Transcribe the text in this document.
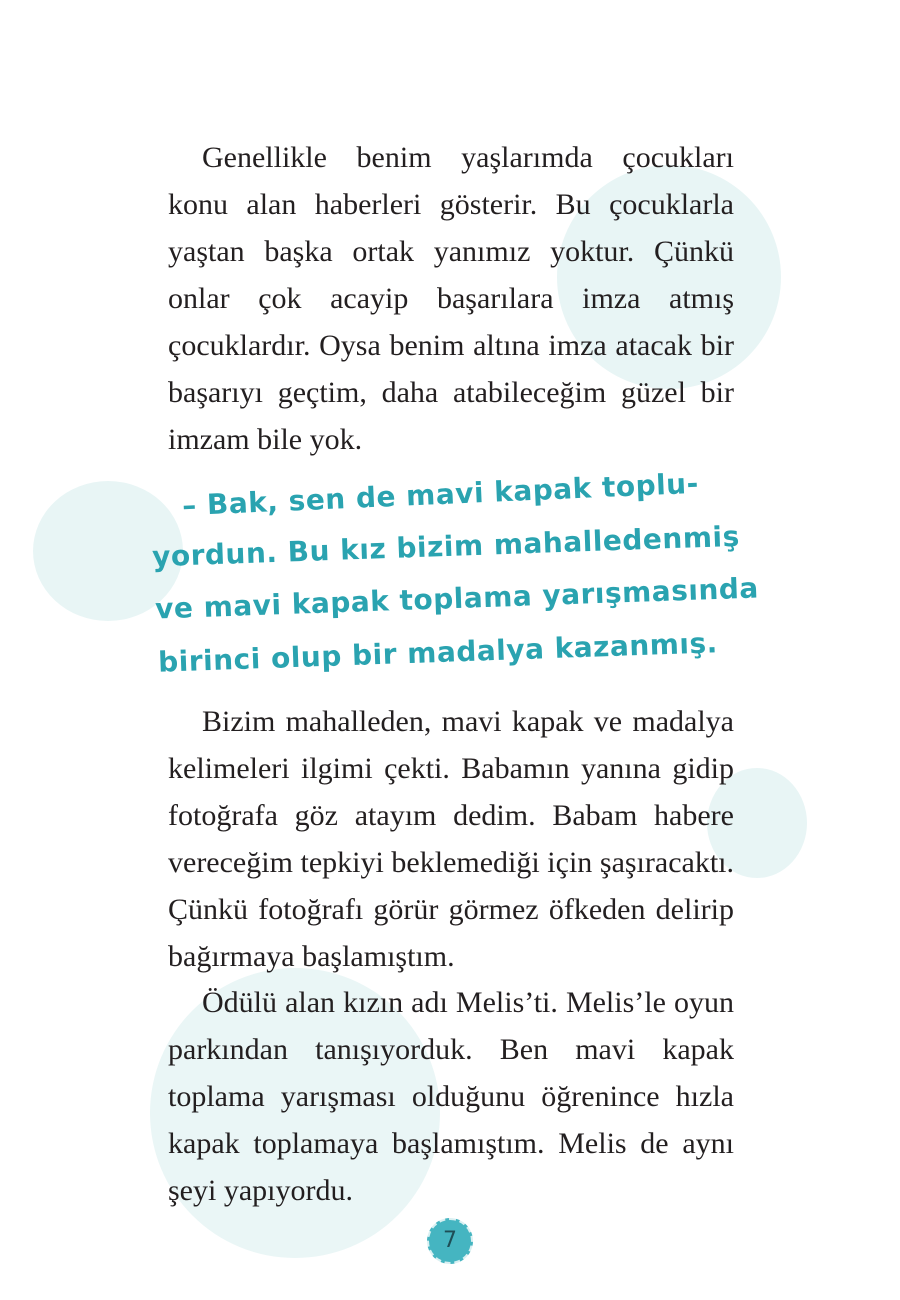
Genellikle benim yaşlarımda çocukları konu alan haberleri gösterir. Bu çocuklarla yaştan başka ortak yanımız yoktur. Çünkü onlar çok acayip başarılara imza atmış çocuklardır. Oysa benim altına imza atacak bir başarıyı geçtim, daha atabileceğim güzel bir imzam bile yok.

– Bak, sen de mavi kapak toplu-
yordun. Bu kız bizim mahalledenmiş
ve mavi kapak toplama yarışmasında
birinci olup bir madalya kazanmış.

Bizim mahalleden, mavi kapak ve madalya kelimeleri ilgimi çekti. Babamın yanına gidip fotoğrafa göz atayım dedim. Babam habere vereceğim tepkiyi beklemediği için şaşıracaktı. Çünkü fotoğrafı görür görmez öfkeden delirip bağırmaya başlamıştım.

Ödülü alan kızın adı Melis’ti. Melis’le oyun parkından tanışıyorduk. Ben mavi kapak toplama yarışması olduğunu öğrenince hızla kapak toplamaya başlamıştım. Melis de aynı şeyi yapıyordu.

7
